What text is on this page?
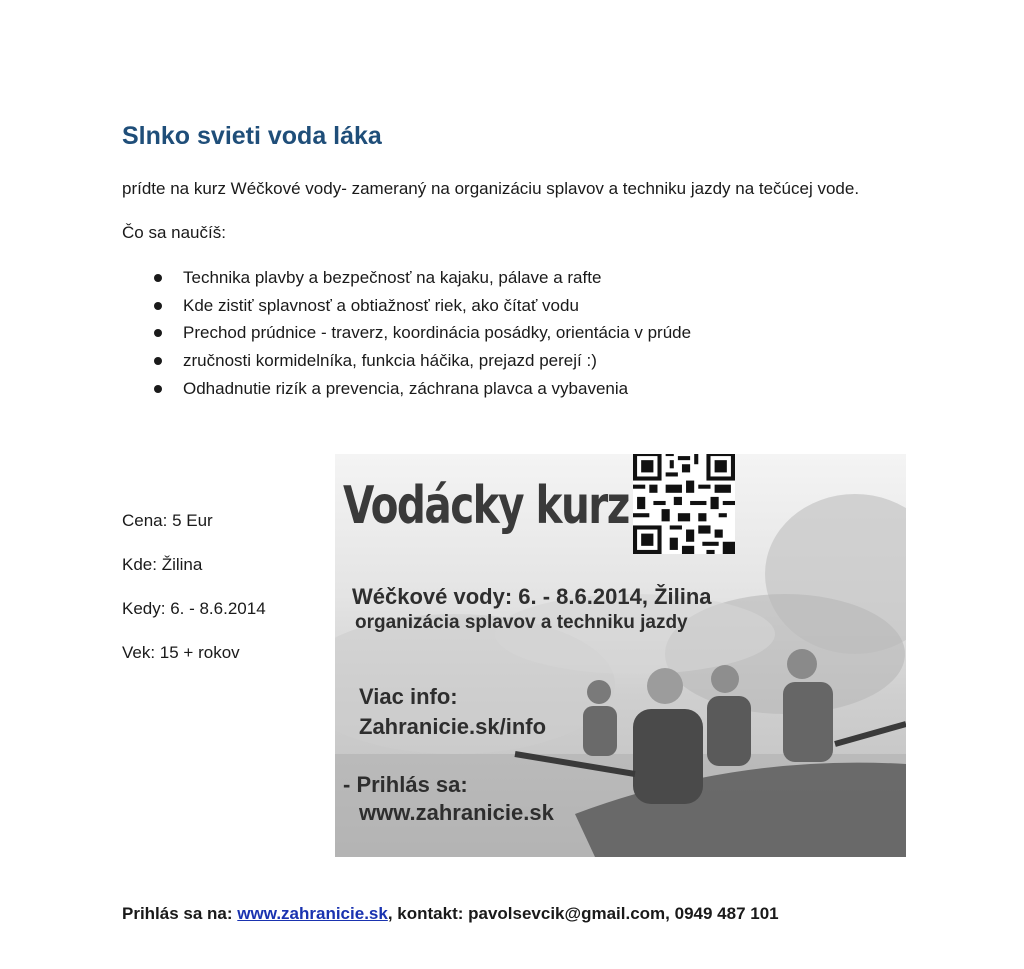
Slnko svieti voda láka
prídte na kurz Wéčkové vody- zameraný na organizáciu splavov a techniku jazdy na tečúcej vode.
Čo sa naučíš:
Technika plavby a bezpečnosť na kajaku, pálave a rafte
Kde zistiť splavnosť a obtiažnosť riek, ako čítať vodu
Prechod prúdnice - traverz, koordinácia posádky, orientácia v prúde
zručnosti kormidelníka, funkcia háčika, prejazd perejí :)
Odhadnutie rizík a prevencia, záchrana plavca a vybavenia
Cena: 5 Eur
Kde: Žilina
Kedy: 6. - 8.6.2014
Vek: 15 + rokov
Vodácky kurz
Wéčkové vody: 6. - 8.6.2014, Žilina
organizácia splavov a techniku jazdy
Viac info:
Zahranicie.sk/info
- Prihlás sa:
www.zahranicie.sk
Prihlás sa na: www.zahranicie.sk, kontakt: pavolsevcik@gmail.com, 0949 487 101
